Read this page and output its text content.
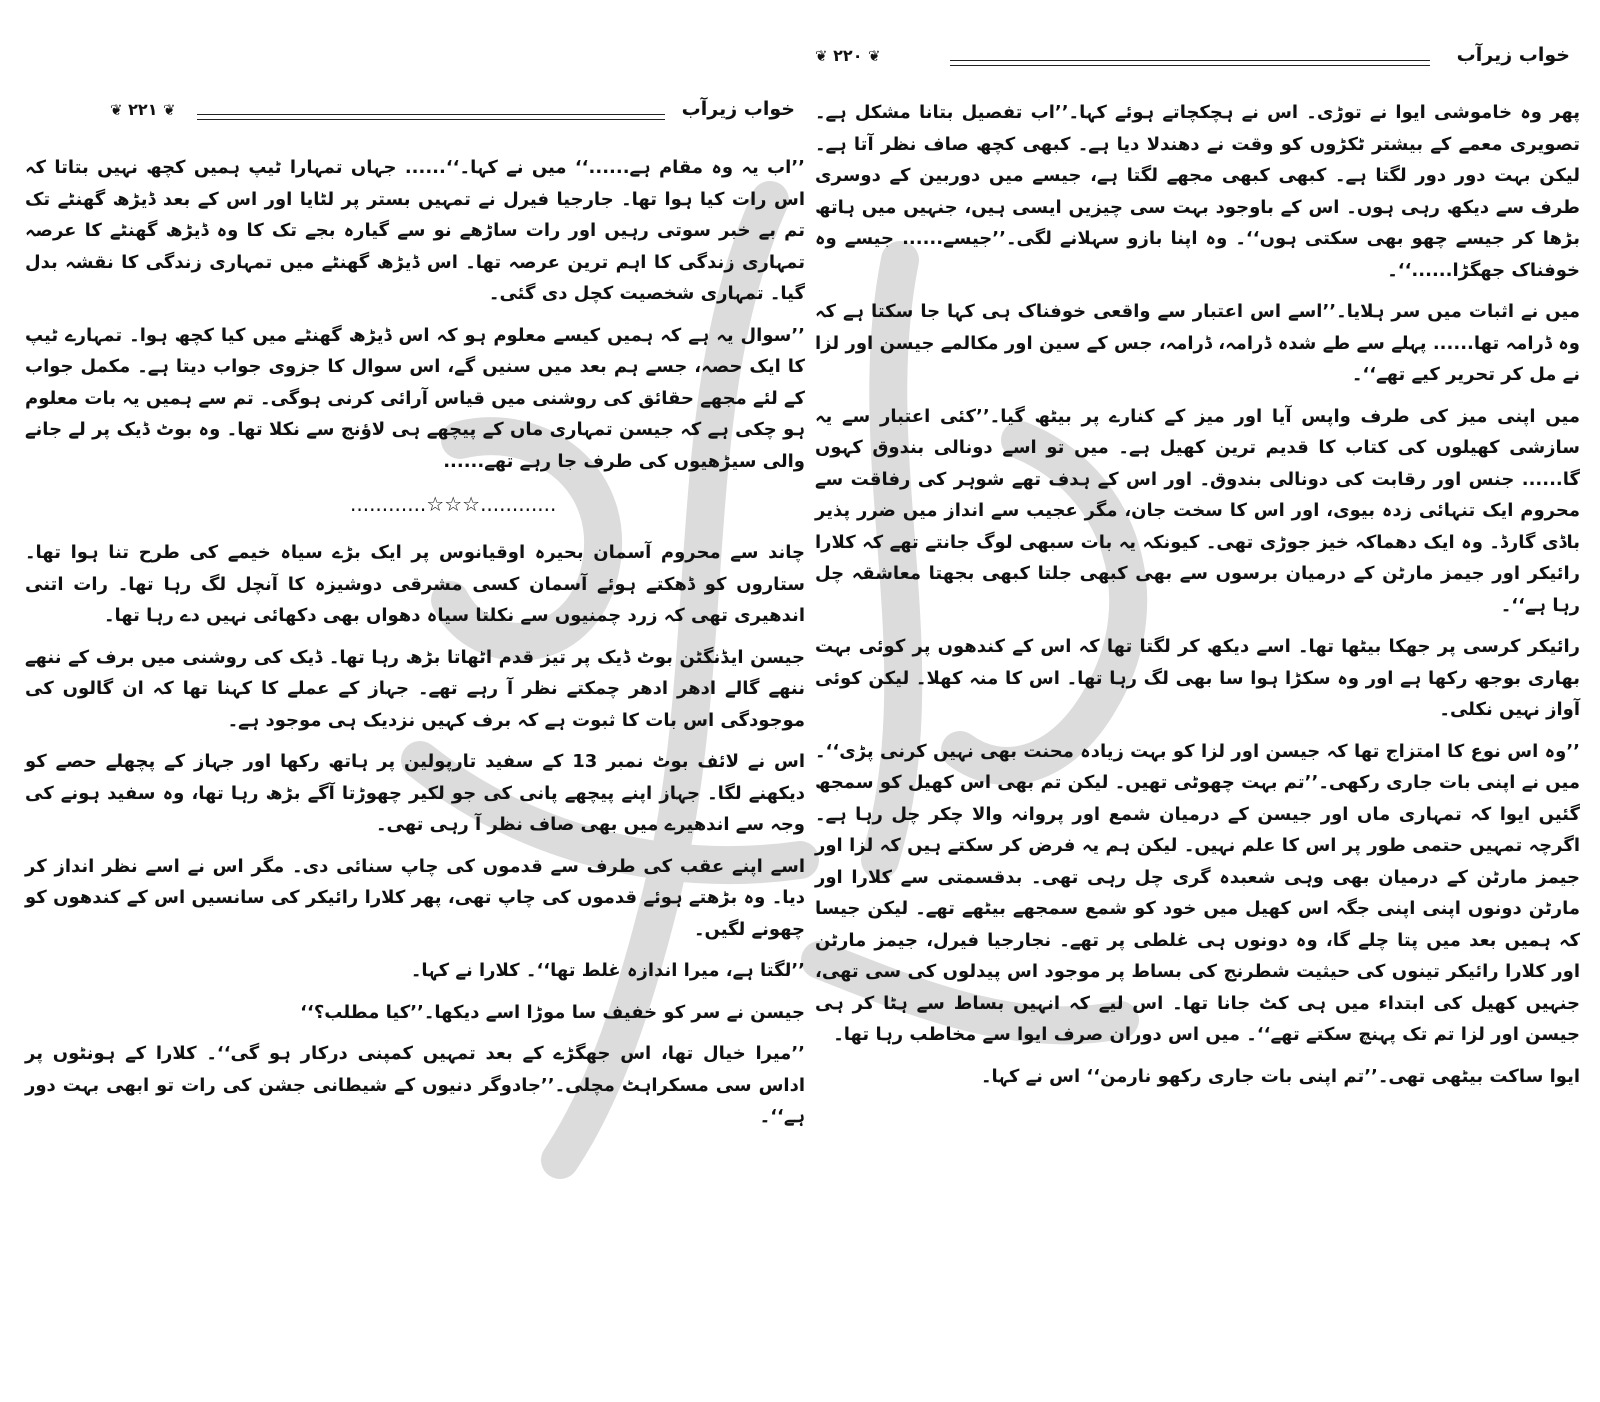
❦ ۲۲۱ ❦	خواب زیرآب

’’اب یہ وہ مقام ہے......‘‘ میں نے کہا۔‘‘...... جہاں تمہارا ٹیپ ہمیں کچھ نہیں بتاتا کہ اس رات کیا ہوا تھا۔ جارجیا فیرل نے تمہیں بستر پر لٹایا اور اس کے بعد ڈیڑھ گھنٹے تک تم بے خبر سوتی رہیں اور رات ساڑھے نو سے گیارہ بجے تک کا وہ ڈیڑھ گھنٹے کا عرصہ تمہاری زندگی کا اہم ترین عرصہ تھا۔ اس ڈیڑھ گھنٹے میں تمہاری زندگی کا نقشہ بدل گیا۔ تمہاری شخصیت کچل دی گئی۔

’’سوال یہ ہے کہ ہمیں کیسے معلوم ہو کہ اس ڈیڑھ گھنٹے میں کیا کچھ ہوا۔ تمہارے ٹیپ کا ایک حصہ، جسے ہم بعد میں سنیں گے، اس سوال کا جزوی جواب دیتا ہے۔ مکمل جواب کے لئے مجھے حقائق کی روشنی میں قیاس آرائی کرنی ہوگی۔ تم سے ہمیں یہ بات معلوم ہو چکی ہے کہ جیسن تمہاری ماں کے پیچھے ہی لاؤنج سے نکلا تھا۔ وہ بوٹ ڈیک پر لے جانے والی سیڑھیوں کی طرف جا رہے تھے......

............☆☆☆............

چاند سے محروم آسمان بحیرہ اوقیانوس پر ایک بڑے سیاہ خیمے کی طرح تنا ہوا تھا۔ ستاروں کو ڈھکتے ہوئے آسمان کسی مشرقی دوشیزہ کا آنچل لگ رہا تھا۔ رات اتنی اندھیری تھی کہ زرد چمنیوں سے نکلتا سیاہ دھواں بھی دکھائی نہیں دے رہا تھا۔

جیسن ایڈنگٹن بوٹ ڈیک پر تیز قدم اٹھاتا بڑھ رہا تھا۔ ڈیک کی روشنی میں برف کے ننھے ننھے گالے ادھر ادھر چمکتے نظر آ رہے تھے۔ جہاز کے عملے کا کہنا تھا کہ ان گالوں کی موجودگی اس بات کا ثبوت ہے کہ برف کہیں نزدیک ہی موجود ہے۔

اس نے لائف بوٹ نمبر 13 کے سفید تارپولین پر ہاتھ رکھا اور جہاز کے پچھلے حصے کو دیکھنے لگا۔ جہاز اپنے پیچھے پانی کی جو لکیر چھوڑتا آگے بڑھ رہا تھا، وہ سفید ہونے کی وجہ سے اندھیرے میں بھی صاف نظر آ رہی تھی۔

اسے اپنے عقب کی طرف سے قدموں کی چاپ سنائی دی۔ مگر اس نے اسے نظر انداز کر دیا۔ وہ بڑھتے ہوئے قدموں کی چاپ تھی، پھر کلارا رائیکر کی سانسیں اس کے کندھوں کو چھونے لگیں۔

’’لگتا ہے، میرا اندازہ غلط تھا‘‘۔ کلارا نے کہا۔

جیسن نے سر کو خفیف سا موڑا اسے دیکھا۔’’کیا مطلب؟‘‘

’’میرا خیال تھا، اس جھگڑے کے بعد تمہیں کمپنی درکار ہو گی‘‘۔ کلارا کے ہونٹوں پر اداس سی مسکراہٹ مچلی۔’’جادوگر دنیوں کے شیطانی جشن کی رات تو ابھی بہت دور ہے‘‘۔

❦ ۲۲۰ ❦	خواب زیرآب

پھر وہ خاموشی ایوا نے توڑی۔ اس نے ہچکچاتے ہوئے کہا۔’’اب تفصیل بتانا مشکل ہے۔ تصویری معمے کے بیشتر ٹکڑوں کو وقت نے دھندلا دیا ہے۔ کبھی کچھ صاف نظر آتا ہے۔ لیکن بہت دور دور لگتا ہے۔ کبھی کبھی مجھے لگتا ہے، جیسے میں دوربین کے دوسری طرف سے دیکھ رہی ہوں۔ اس کے باوجود بہت سی چیزیں ایسی ہیں، جنہیں میں ہاتھ بڑھا کر جیسے چھو بھی سکتی ہوں‘‘۔ وہ اپنا بازو سہلانے لگی۔’’جیسے...... جیسے وہ خوفناک جھگڑا......‘‘۔

میں نے اثبات میں سر ہلایا۔’’اسے اس اعتبار سے واقعی خوفناک ہی کہا جا سکتا ہے کہ وہ ڈرامہ تھا...... پہلے سے طے شدہ ڈرامہ، ڈرامہ، جس کے سین اور مکالمے جیسن اور لزا نے مل کر تحریر کیے تھے‘‘۔

میں اپنی میز کی طرف واپس آیا اور میز کے کنارے پر بیٹھ گیا۔’’کئی اعتبار سے یہ سازشی کھیلوں کی کتاب کا قدیم ترین کھیل ہے۔ میں تو اسے دونالی بندوق کہوں گا...... جنس اور رقابت کی دونالی بندوق۔ اور اس کے ہدف تھے شوہر کی رفاقت سے محروم ایک تنہائی زدہ بیوی، اور اس کا سخت جان، مگر عجیب سے انداز میں ضرر پذیر باڈی گارڈ۔ وہ ایک دھماکہ خیز جوڑی تھی۔ کیونکہ یہ بات سبھی لوگ جانتے تھے کہ کلارا رائیکر اور جیمز مارٹن کے درمیان برسوں سے بھی کبھی جلتا کبھی بجھتا معاشقہ چل رہا ہے‘‘۔

رائیکر کرسی پر جھکا بیٹھا تھا۔ اسے دیکھ کر لگتا تھا کہ اس کے کندھوں پر کوئی بہت بھاری بوجھ رکھا ہے اور وہ سکڑا ہوا سا بھی لگ رہا تھا۔ اس کا منہ کھلا۔ لیکن کوئی آواز نہیں نکلی۔

’’وہ اس نوع کا امتزاج تھا کہ جیسن اور لزا کو بہت زیادہ محنت بھی نہیں کرنی پڑی‘‘۔ میں نے اپنی بات جاری رکھی۔’’تم بہت چھوٹی تھیں۔ لیکن تم بھی اس کھیل کو سمجھ گئیں ایوا کہ تمہاری ماں اور جیسن کے درمیان شمع اور پروانہ والا چکر چل رہا ہے۔ اگرچہ تمہیں حتمی طور پر اس کا علم نہیں۔ لیکن ہم یہ فرض کر سکتے ہیں کہ لزا اور جیمز مارٹن کے درمیان بھی وہی شعبدہ گری چل رہی تھی۔ بدقسمتی سے کلارا اور مارٹن دونوں اپنی اپنی جگہ اس کھیل میں خود کو شمع سمجھے بیٹھے تھے۔ لیکن جیسا کہ ہمیں بعد میں پتا چلے گا، وہ دونوں ہی غلطی پر تھے۔ نجارجیا فیرل، جیمز مارٹن اور کلارا رائیکر تینوں کی حیثیت شطرنج کی بساط پر موجود اس پیدلوں کی سی تھی، جنہیں کھیل کی ابتداء میں ہی کٹ جانا تھا۔ اس لیے کہ انہیں بساط سے ہٹا کر ہی جیسن اور لزا تم تک پہنچ سکتے تھے‘‘۔ میں اس دوران صرف ایوا سے مخاطب رہا تھا۔

ایوا ساکت بیٹھی تھی۔’’تم اپنی بات جاری رکھو نارمن‘‘ اس نے کہا۔
